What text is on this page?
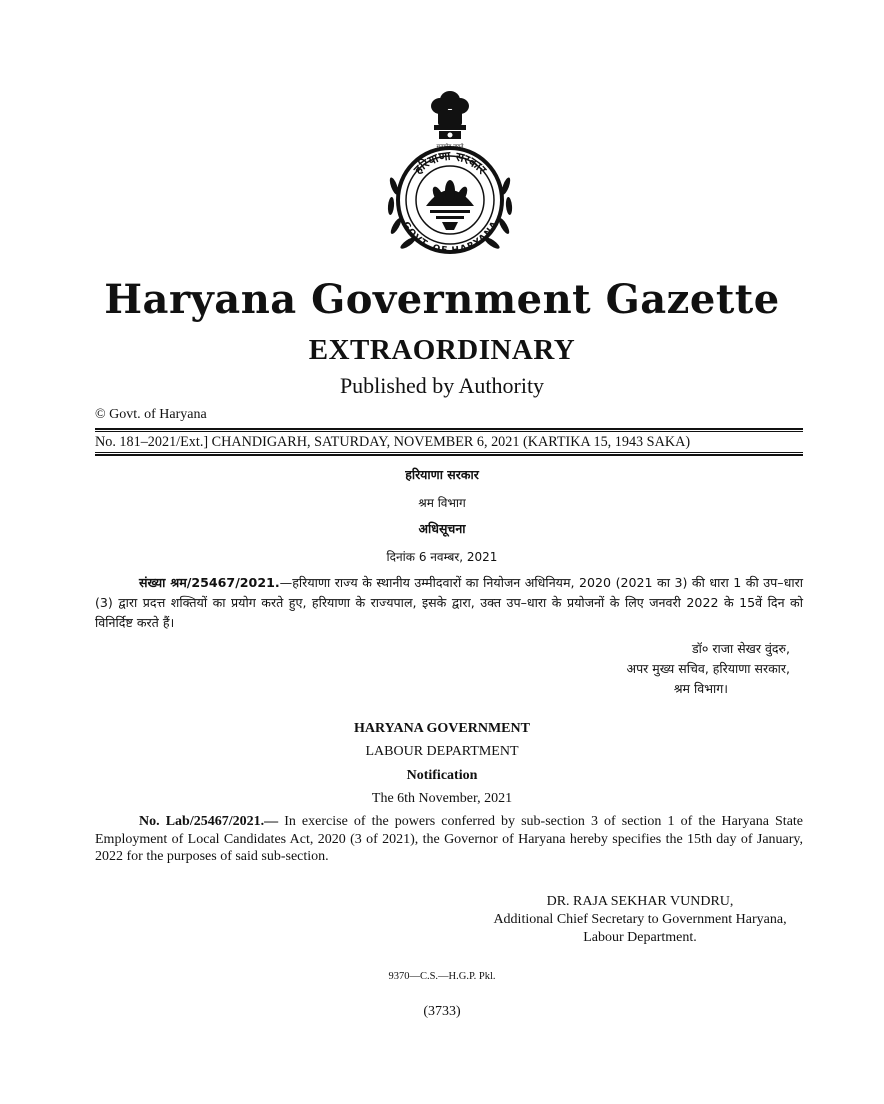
हरियाणा सरकार
GOVT. OF HARYANA
सत्यमेव जयते
Haryana Government Gazette
EXTRAORDINARY
Published by Authority
© Govt. of Haryana
No. 181–2021/Ext.] CHANDIGARH, SATURDAY, NOVEMBER 6, 2021 (KARTIKA 15, 1943 SAKA)
हरियाणा सरकार
श्रम विभाग
अधिसूचना
दिनांक 6 नवम्बर, 2021
संख्या श्रम/25467/2021.—हरियाणा राज्य के स्थानीय उम्मीदवारों का नियोजन अधिनियम, 2020 (2021 का 3) की धारा 1 की उप–धारा (3) द्वारा प्रदत्त शक्तियों का प्रयोग करते हुए, हरियाणा के राज्यपाल, इसके द्वारा, उक्त उप–धारा के प्रयोजनों के लिए जनवरी 2022 के 15वें दिन को विनिर्दिष्ट करते हैं।
डॉ० राजा सेखर वुंदरु,
अपर मुख्य सचिव, हरियाणा सरकार,
श्रम विभाग।
HARYANA GOVERNMENT
LABOUR DEPARTMENT
Notification
The 6th November, 2021
No. Lab/25467/2021.— In exercise of the powers conferred by sub-section 3 of section 1 of the Haryana State Employment of Local Candidates Act, 2020 (3 of 2021), the Governor of Haryana hereby specifies the 15th day of January, 2022 for the purposes of said sub-section.
DR. RAJA SEKHAR VUNDRU,
Additional Chief Secretary to Government Haryana,
Labour Department.
9370—C.S.—H.G.P. Pkl.
(3733)
